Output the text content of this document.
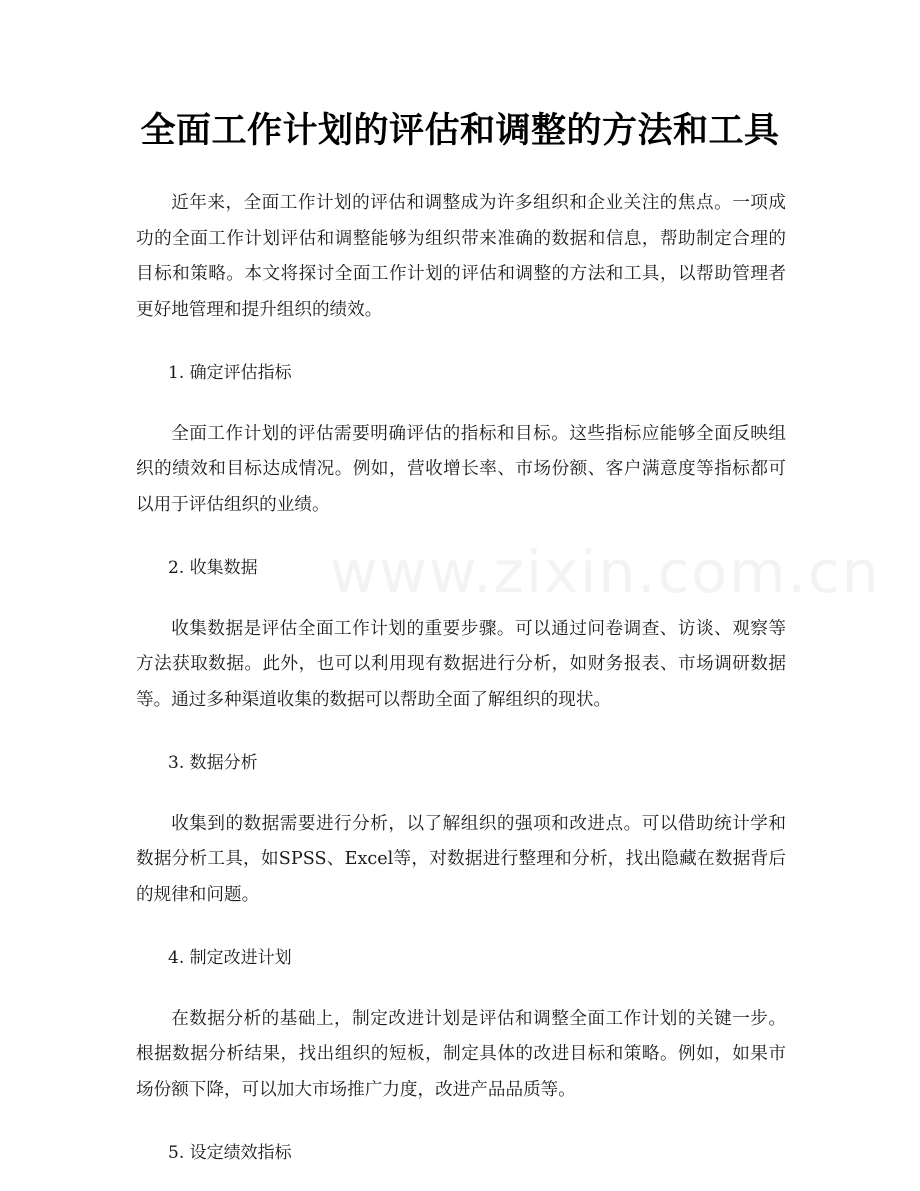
www.zixin.com.cn
全面工作计划的评估和调整的方法和工具

近年来，全面工作计划的评估和调整成为许多组织和企业关注的焦点。一项成功的全面工作计划评估和调整能够为组织带来准确的数据和信息，帮助制定合理的目标和策略。本文将探讨全面工作计划的评估和调整的方法和工具，以帮助管理者更好地管理和提升组织的绩效。

1. 确定评估指标

全面工作计划的评估需要明确评估的指标和目标。这些指标应能够全面反映组织的绩效和目标达成情况。例如，营收增长率、市场份额、客户满意度等指标都可以用于评估组织的业绩。

2. 收集数据

收集数据是评估全面工作计划的重要步骤。可以通过问卷调查、访谈、观察等方法获取数据。此外，也可以利用现有数据进行分析，如财务报表、市场调研数据等。通过多种渠道收集的数据可以帮助全面了解组织的现状。

3. 数据分析

收集到的数据需要进行分析，以了解组织的强项和改进点。可以借助统计学和数据分析工具，如SPSS、Excel等，对数据进行整理和分析，找出隐藏在数据背后的规律和问题。

4. 制定改进计划

在数据分析的基础上，制定改进计划是评估和调整全面工作计划的关键一步。根据数据分析结果，找出组织的短板，制定具体的改进目标和策略。例如，如果市场份额下降，可以加大市场推广力度，改进产品品质等。

5. 设定绩效指标
